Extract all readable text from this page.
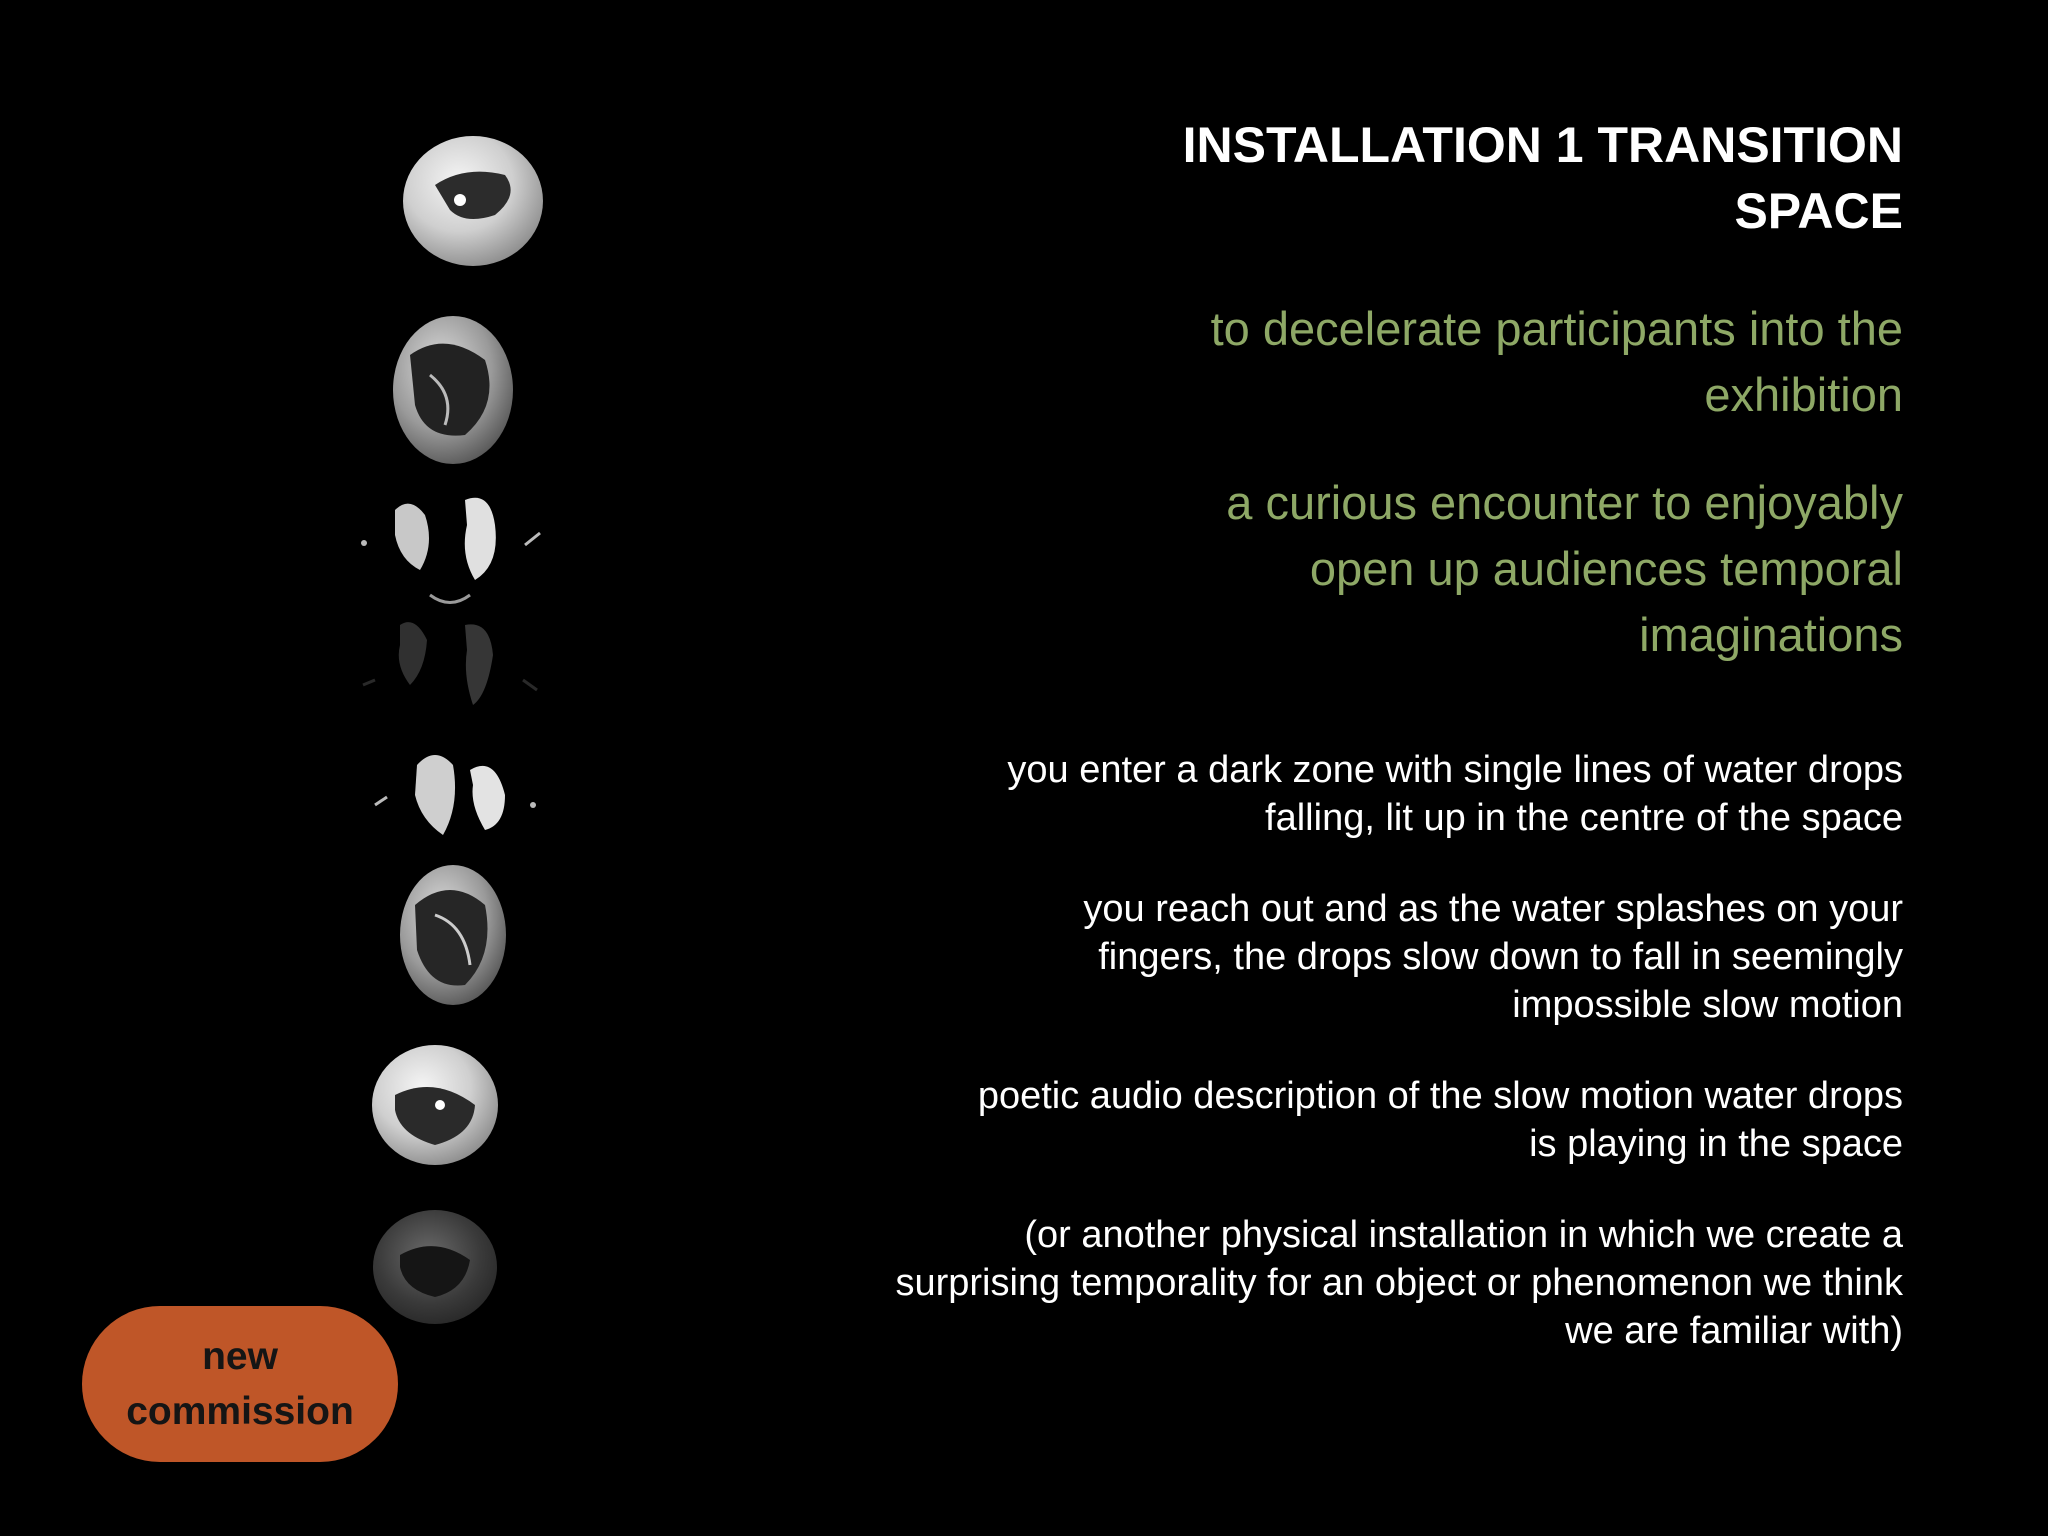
INSTALLATION 1 TRANSITION SPACE

to decelerate participants into the exhibition

a curious encounter to enjoyably open up audiences temporal imaginations

you enter a dark zone with single lines of water drops falling, lit up in the centre of the space

you reach out and as the water splashes on your fingers, the drops slow down to fall in seemingly impossible slow motion

poetic audio description of the slow motion water drops is playing in the space

(or another physical installation in which we create a surprising temporality for an object or phenomenon we think we are familiar with)

new commission
